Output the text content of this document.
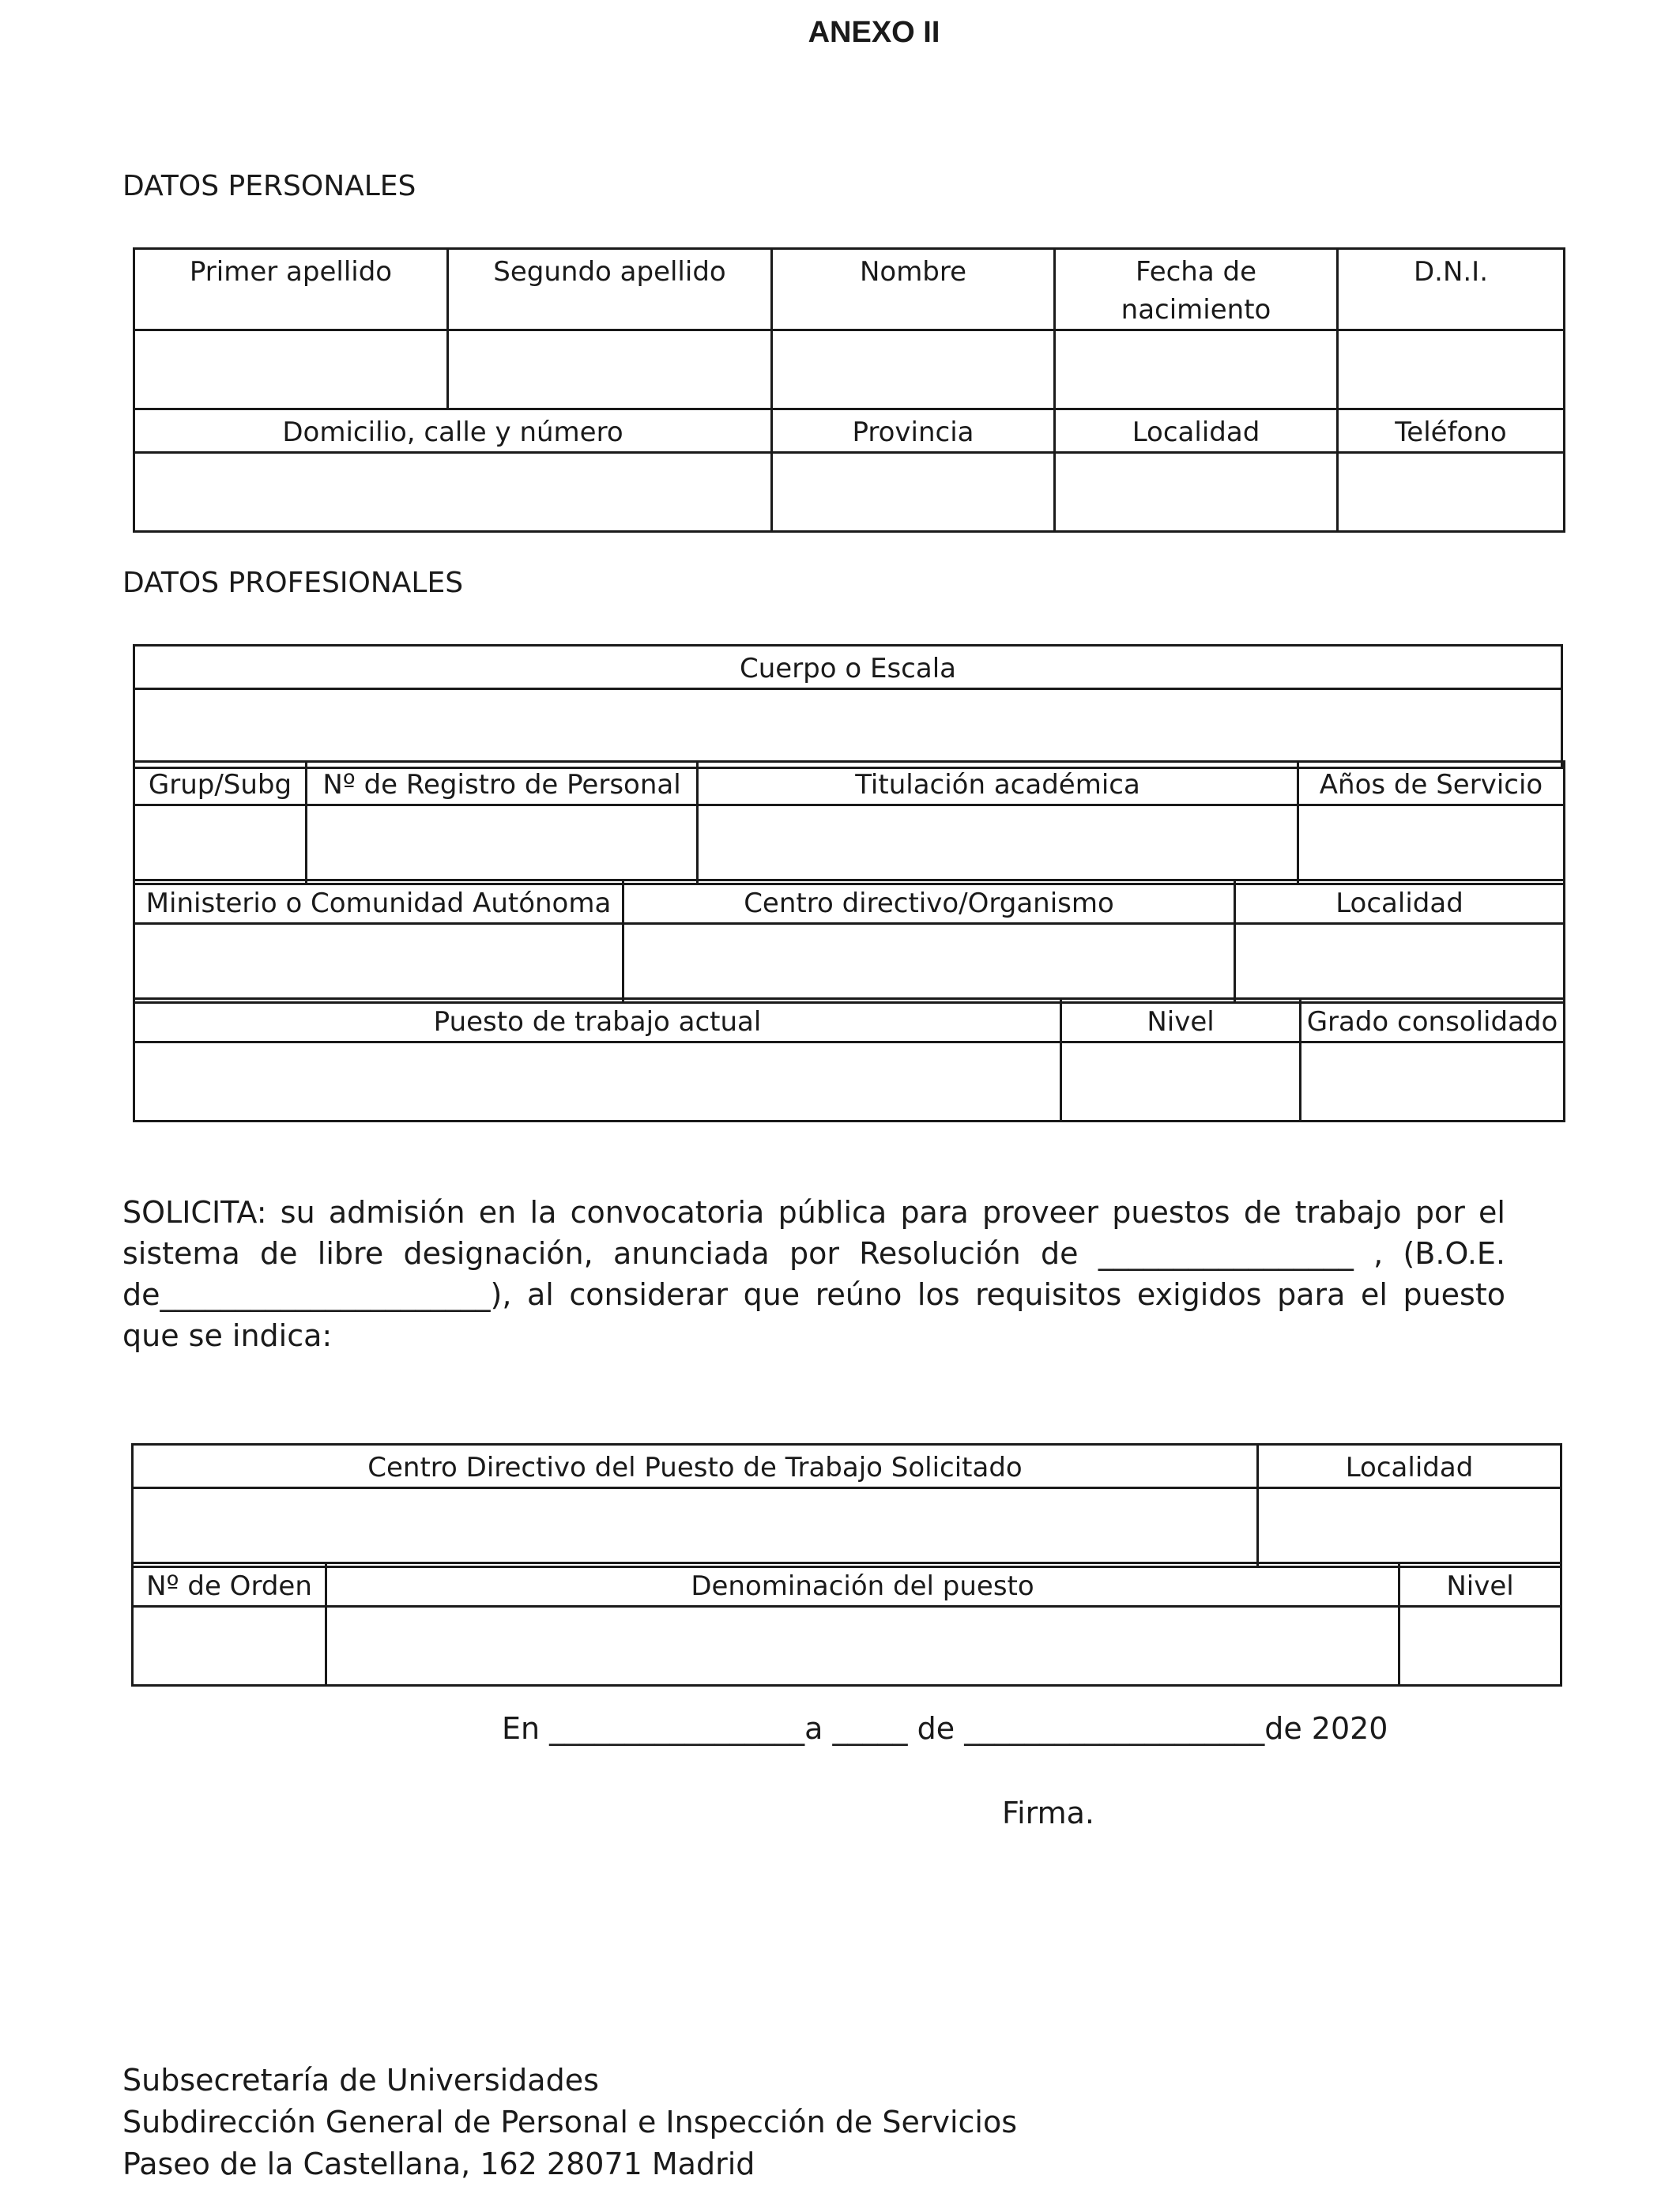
ANEXO II
DATOS PERSONALES
Primer apellido	Segundo apellido	Nombre	Fecha de nacimiento	D.N.I.

Domicilio, calle y número		Provincia	Localidad	Teléfono

DATOS PROFESIONALES
Cuerpo o Escala

Grup/Subg	Nº de Registro de Personal	Titulación académica	Años de Servicio

Ministerio o Comunidad Autónoma	Centro directivo/Organismo	Localidad

Puesto de trabajo actual	Nivel	Grado consolidado

SOLICITA: su admisión en la convocatoria pública para proveer puestos de trabajo por el sistema de libre designación, anunciada por Resolución de _________________ , (B.O.E. de______________________), al considerar que reúno los requisitos exigidos para el puesto que se indica:
Centro Directivo del Puesto de Trabajo Solicitado	Localidad

Nº de Orden	Denominación del puesto	Nivel

En _________________a _____ de ____________________de 2020
Firma.
Subsecretaría de Universidades
Subdirección General de Personal e Inspección de Servicios
Paseo de la Castellana, 162 28071 Madrid
